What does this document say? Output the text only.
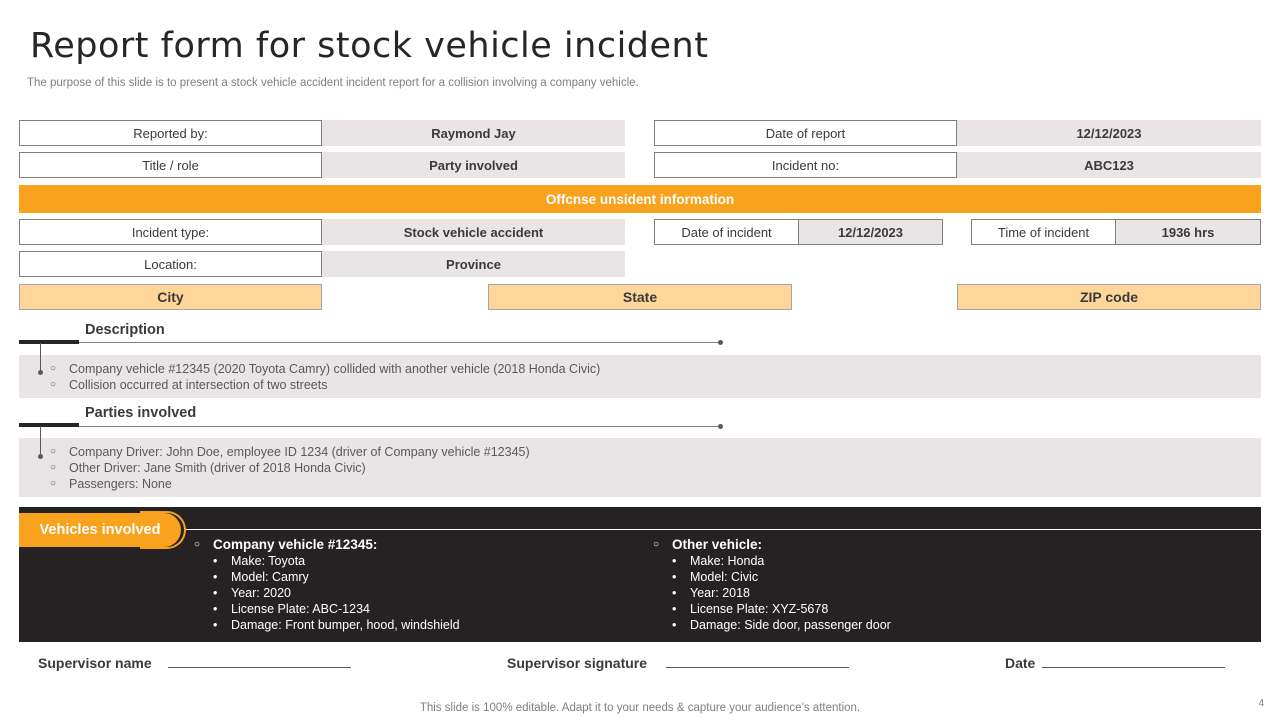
Report form for stock vehicle incident
The purpose of this slide is to present a stock vehicle accident incident report for a collision involving a company vehicle.
Reported by:	Raymond Jay	Date of report	12/12/2023
Title / role	Party involved	Incident no:	ABC123
Offcnse unsident information
Incident type:	Stock vehicle accident	Date of incident	12/12/2023	Time of incident	1936 hrs
Location:	Province
City	State	ZIP code
Description
○	Company vehicle #12345 (2020 Toyota Camry) collided with another vehicle (2018 Honda Civic)
○	Collision occurred at intersection of two streets
Parties involved
○	Company Driver: John Doe, employee ID 1234 (driver of Company vehicle #12345)
○	Other Driver: Jane Smith (driver of 2018 Honda Civic)
○	Passengers: None
Vehicles involved
○ Company vehicle #12345:
•	Make: Toyota
•	Model: Camry
•	Year: 2020
•	License Plate: ABC-1234
•	Damage: Front bumper, hood, windshield
○ Other vehicle:
•	Make: Honda
•	Model: Civic
•	Year: 2018
•	License Plate: XYZ-5678
•	Damage: Side door, passenger door
Supervisor name	Supervisor signature	Date
This slide is 100% editable. Adapt it to your needs & capture your audience’s attention.	4
